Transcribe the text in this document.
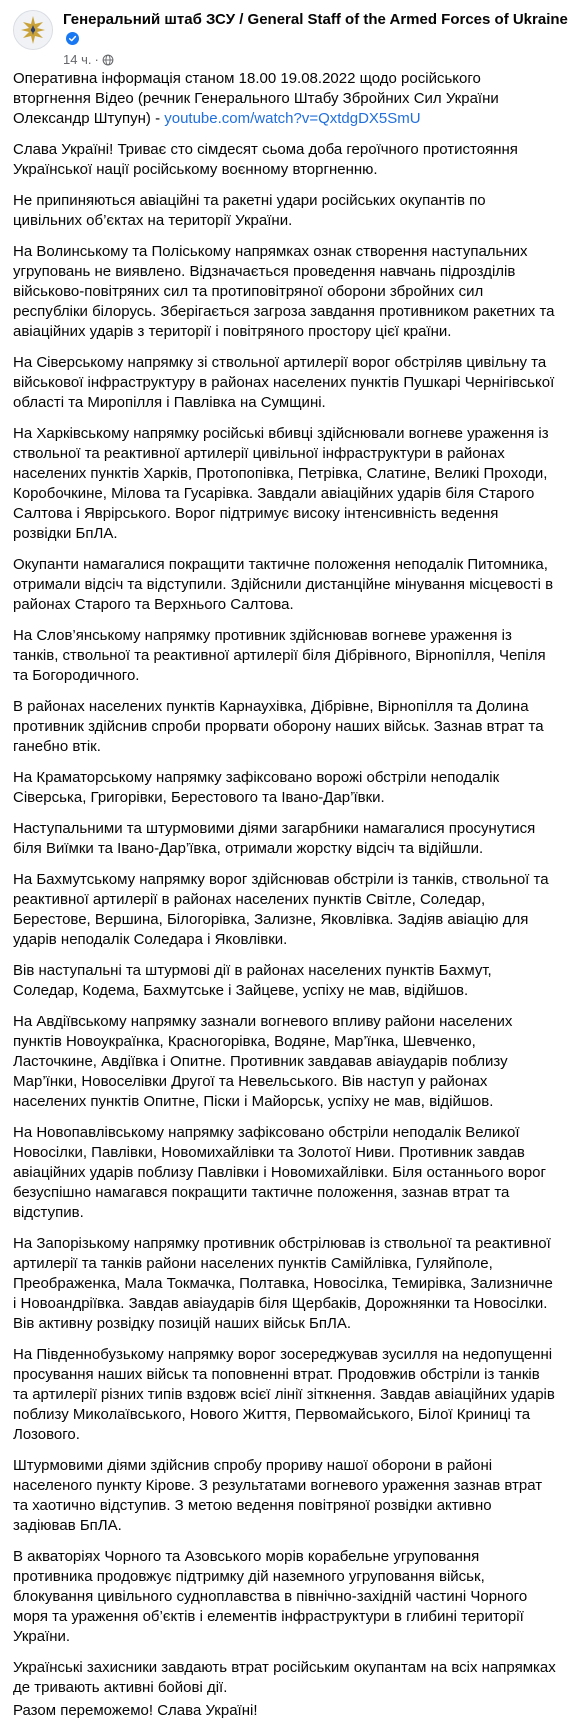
Генеральний штаб ЗСУ / General Staff of the Armed Forces of Ukraine
14 ч. ·

Оперативна інформація станом 18.00 19.08.2022 щодо російського вторгнення Відео (речник Генерального Штабу Збройних Сил України Олександр Штупун) - youtube.com/watch?v=QxtdgDX5SmU

Слава Україні! Триває сто сімдесят сьома доба героїчного протистояння Української нації російському воєнному вторгненню.

Не припиняються авіаційні та ракетні удари російських окупантів по цивільних об’єктах на території України.

На Волинському та Поліському напрямках ознак створення наступальних угруповань не виявлено. Відзначається проведення навчань підрозділів військово-повітряних сил та протиповітряної оборони збройних сил республіки білорусь. Зберігається загроза завдання противником ракетних та авіаційних ударів з території і повітряного простору цієї країни.

На Сіверському напрямку зі ствольної артилерії ворог обстріляв цивільну та військової інфраструктуру в районах населених пунктів Пушкарі Чернігівської області та Миропілля і Павлівка на Сумщині.

На Харківському напрямку російські вбивці здійснювали вогневе ураження із ствольної та реактивної артилерії цивільної інфраструктури в районах населених пунктів Харків, Протопопівка, Петрівка, Слатине, Великі Проходи, Коробочкине, Мілова та Гусарівка. Завдали авіаційних ударів біля Старого Салтова і Яврірського. Ворог підтримує високу інтенсивність ведення розвідки БпЛА.

Окупанти намагалися покращити тактичне положення неподалік Питомника, отримали відсіч та відступили. Здійснили дистанційне мінування місцевості в районах Старого та Верхнього Салтова.

На Слов’янському напрямку противник здійснював вогневе ураження із танків, ствольної та реактивної артилерії біля Дібрівного, Вірнопілля, Чепіля та Богородичного.

В районах населених пунктів Карнаухівка, Дібрівне, Вірнопілля та Долина противник здійснив спроби прорвати оборону наших військ. Зазнав втрат та ганебно втік.

На Краматорському напрямку зафіксовано ворожі обстріли неподалік Сіверська, Григорівки, Берестового та Івано-Дар’ївки.

Наступальними та штурмовими діями загарбники намагалися просунутися біля Виїмки та Івано-Дар’ївка, отримали жорстку відсіч та відійшли.

На Бахмутському напрямку ворог здійснював обстріли із танків, ствольної та реактивної артилерії в районах населених пунктів Світле, Соледар, Берестове, Вершина, Білогорівка, Зализне, Яковлівка. Задіяв авіацію для ударів неподалік Соледара і Яковлівки.

Вів наступальні та штурмові дії в районах населених пунктів Бахмут, Соледар, Кодема, Бахмутське і Зайцеве, успіху не мав, відійшов.

На Авдіївському напрямку зазнали вогневого впливу райони населених пунктів Новоукраїнка, Красногорівка, Водяне, Мар’їнка, Шевченко, Ласточкине, Авдіївка і Опитне. Противник завдавав авіаударів поблизу Мар’їнки, Новоселівки Другої та Невельського. Вів наступ у районах населених пунктів Опитне, Піски і Майорськ, успіху не мав, відійшов.

На Новопавлівському напрямку зафіксовано обстріли неподалік Великої Новосілки, Павлівки, Новомихайлівки та Золотої Ниви. Противник завдав авіаційних ударів поблизу Павлівки і Новомихайлівки. Біля останнього ворог безуспішно намагався покращити тактичне положення, зазнав втрат та відступив.

На Запорізькому напрямку противник обстрілював із ствольної та реактивної артилерії та танків райони населених пунктів Самійлівка, Гуляйполе, Преображенка, Мала Токмачка, Полтавка, Новосілка, Темирівка, Зализничне і Новоандріївка. Завдав авіаударів біля Щербаків, Дорожнянки та Новосілки. Вів активну розвідку позицій наших військ БпЛА.

На Південнобузькому напрямку ворог зосереджував зусилля на недопущенні просування наших військ та поповненні втрат. Продовжив обстріли із танків та артилерії різних типів вздовж всієї лінії зіткнення. Завдав авіаційних ударів поблизу Миколаївського, Нового Життя, Первомайського, Білої Криниці та Лозового.

Штурмовими діями здійснив спробу прориву нашої оборони в районі населеного пункту Кірове. З результатами вогневого ураження зазнав втрат та хаотично відступив. З метою ведення повітряної розвідки активно задіював БпЛА.

В акваторіях Чорного та Азовського морів корабельне угруповання противника продовжує підтримку дій наземного угруповання військ, блокування цивільного судноплавства в північно-західній частині Чорного моря та ураження об’єктів і елементів інфраструктури в глибині території України.

Українські захисники завдають втрат російським окупантам на всіх напрямках де тривають активні бойові дії.

Разом переможемо! Слава Україні!
